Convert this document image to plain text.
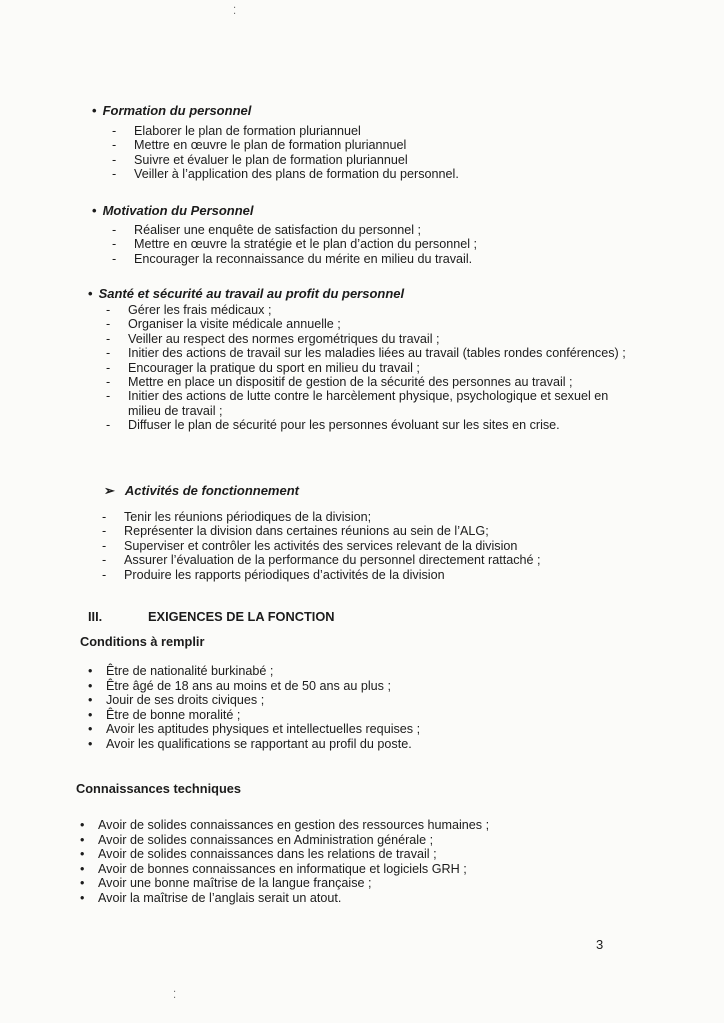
⁚
⁚
• Formation du personnel
- Elaborer le plan de formation pluriannuel
- Mettre en œuvre le plan de formation pluriannuel
- Suivre et évaluer le plan de formation pluriannuel
- Veiller à l’application des plans de formation du personnel.
• Motivation du Personnel
- Réaliser une enquête de satisfaction du personnel ;
- Mettre en œuvre la stratégie et le plan d’action du personnel ;
- Encourager la reconnaissance du mérite en milieu du travail.
• Santé et sécurité au travail au profit du personnel
- Gérer les frais médicaux ;
- Organiser la visite médicale annuelle ;
- Veiller au respect des normes ergométriques du travail ;
- Initier des actions de travail sur les maladies liées au travail (tables rondes conférences) ;
- Encourager la pratique du sport en milieu du travail ;
- Mettre en place un dispositif de gestion de la sécurité des personnes au travail ;
- Initier des actions de lutte contre le harcèlement physique, psychologique et sexuel en milieu de travail ;
- Diffuser le plan de sécurité pour les personnes évoluant sur les sites en crise.
➢ Activités de fonctionnement
- Tenir les réunions périodiques de la division;
- Représenter la division dans certaines réunions au sein de l’ALG;
- Superviser et contrôler les activités des services relevant de la division
- Assurer l’évaluation de la performance du personnel directement rattaché ;
- Produire les rapports périodiques d’activités de la division
III.	EXIGENCES DE LA FONCTION
Conditions à remplir
• Être de nationalité burkinabé ;
• Être âgé de 18 ans au moins et de 50 ans au plus ;
• Jouir de ses droits civiques ;
• Être de bonne moralité ;
• Avoir les aptitudes physiques et intellectuelles requises ;
• Avoir les qualifications se rapportant au profil du poste.
Connaissances techniques
• Avoir de solides connaissances en gestion des ressources humaines ;
• Avoir de solides connaissances en Administration générale ;
• Avoir de solides connaissances dans les relations de travail ;
• Avoir de bonnes connaissances en informatique et logiciels GRH ;
• Avoir une bonne maîtrise de la langue française ;
• Avoir la maîtrise de l’anglais serait un atout.
3
